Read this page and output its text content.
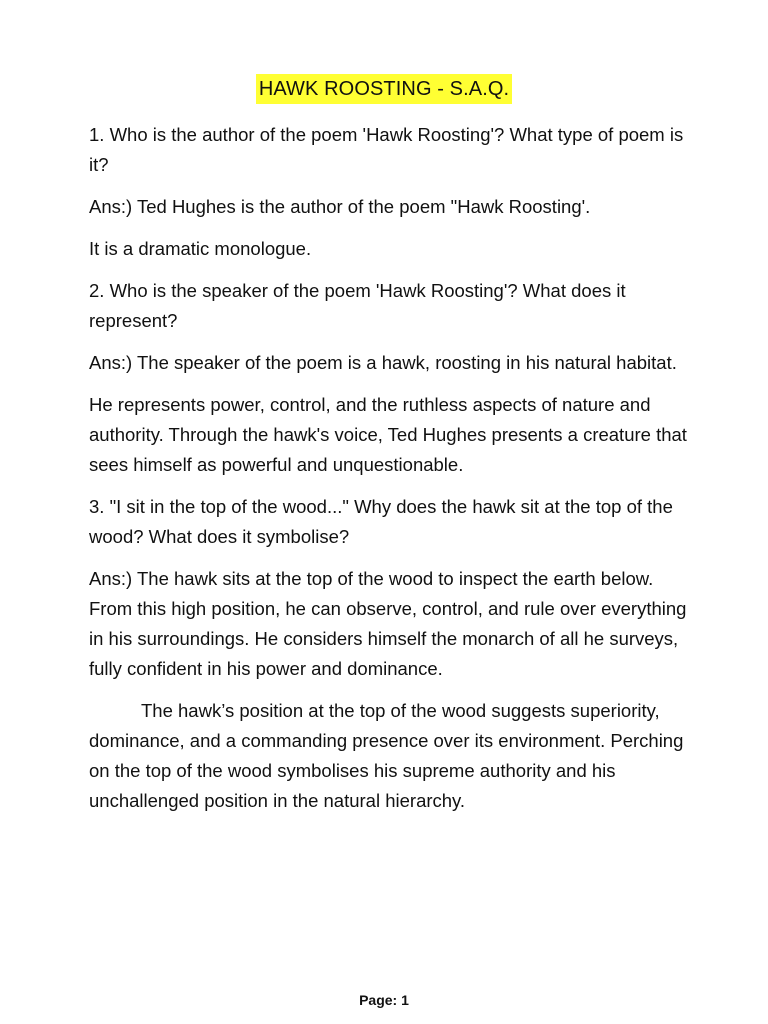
HAWK ROOSTING - S.A.Q.

1. Who is the author of the poem 'Hawk Roosting'? What type of poem is it?

Ans:) Ted Hughes is the author of the poem "Hawk Roosting'.

It is a dramatic monologue.

2. Who is the speaker of the poem 'Hawk Roosting'? What does it represent?

Ans:) The speaker of the poem is a hawk, roosting in his natural habitat.

He represents power, control, and the ruthless aspects of nature and authority. Through the hawk's voice, Ted Hughes presents a creature that sees himself as powerful and unquestionable.

3. "I sit in the top of the wood..." Why does the hawk sit at the top of the wood? What does it symbolise?

Ans:) The hawk sits at the top of the wood to inspect the earth below. From this high position, he can observe, control, and rule over everything in his surroundings. He considers himself the monarch of all he surveys, fully confident in his power and dominance.

The hawk’s position at the top of the wood suggests superiority, dominance, and a commanding presence over its environment. Perching on the top of the wood symbolises his supreme authority and his unchallenged position in the natural hierarchy.

Page: 1
